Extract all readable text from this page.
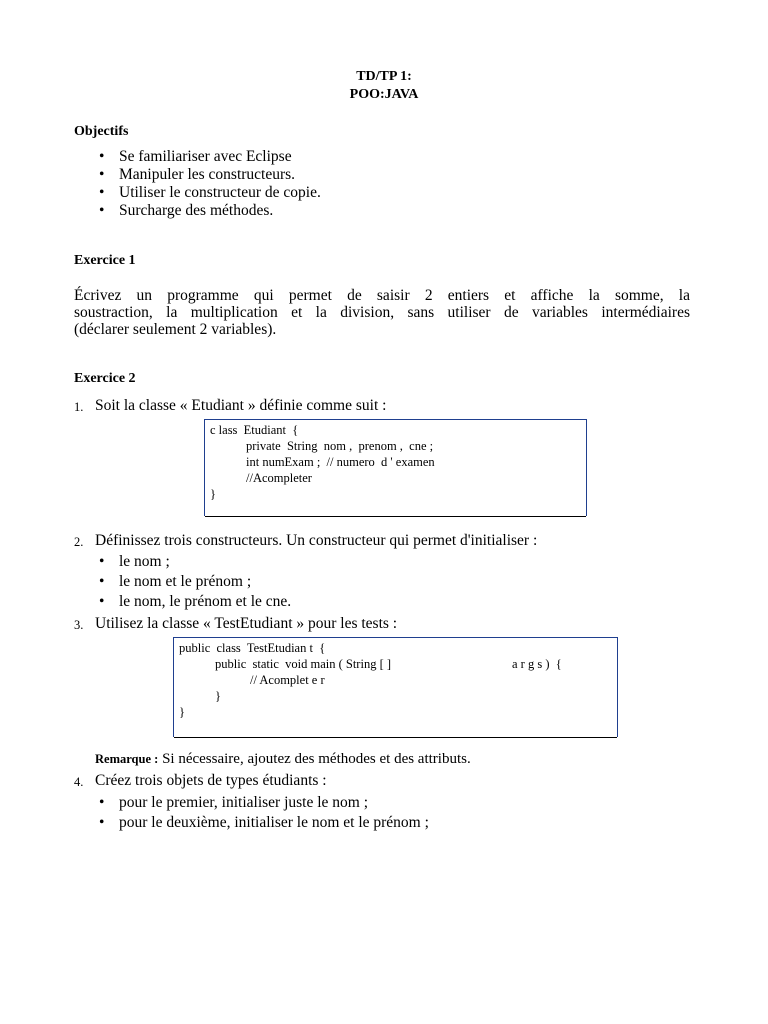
TD/TP 1:
POO:JAVA
Objectifs
• Se familiariser avec Eclipse
• Manipuler les constructeurs.
• Utiliser le constructeur de copie.
• Surcharge des méthodes.
Exercice 1
Écrivez un programme qui permet de saisir 2 entiers et affiche la somme, la
soustraction, la multiplication et la division, sans utiliser de variables intermédiaires
(déclarer seulement 2 variables).
Exercice 2
1. Soit la classe « Etudiant » définie comme suit :
c lass  Etudiant  {
private  String  nom ,  prenom ,  cne ;
int numExam ;  // numero  d ' examen
//Acompleter
}
2. Définissez trois constructeurs. Un constructeur qui permet d'initialiser :
• le nom ;
• le nom et le prénom ;
• le nom, le prénom et le cne.
3. Utilisez la classe « TestEtudiant » pour les tests :
public  class  TestEtudian t  {
public  static  void main ( String [ ]	a r g s )  {
// Acomplet e r
}
}
Remarque : Si nécessaire, ajoutez des méthodes et des attributs.
4. Créez trois objets de types étudiants :
• pour le premier, initialiser juste le nom ;
• pour le deuxième, initialiser le nom et le prénom ;
